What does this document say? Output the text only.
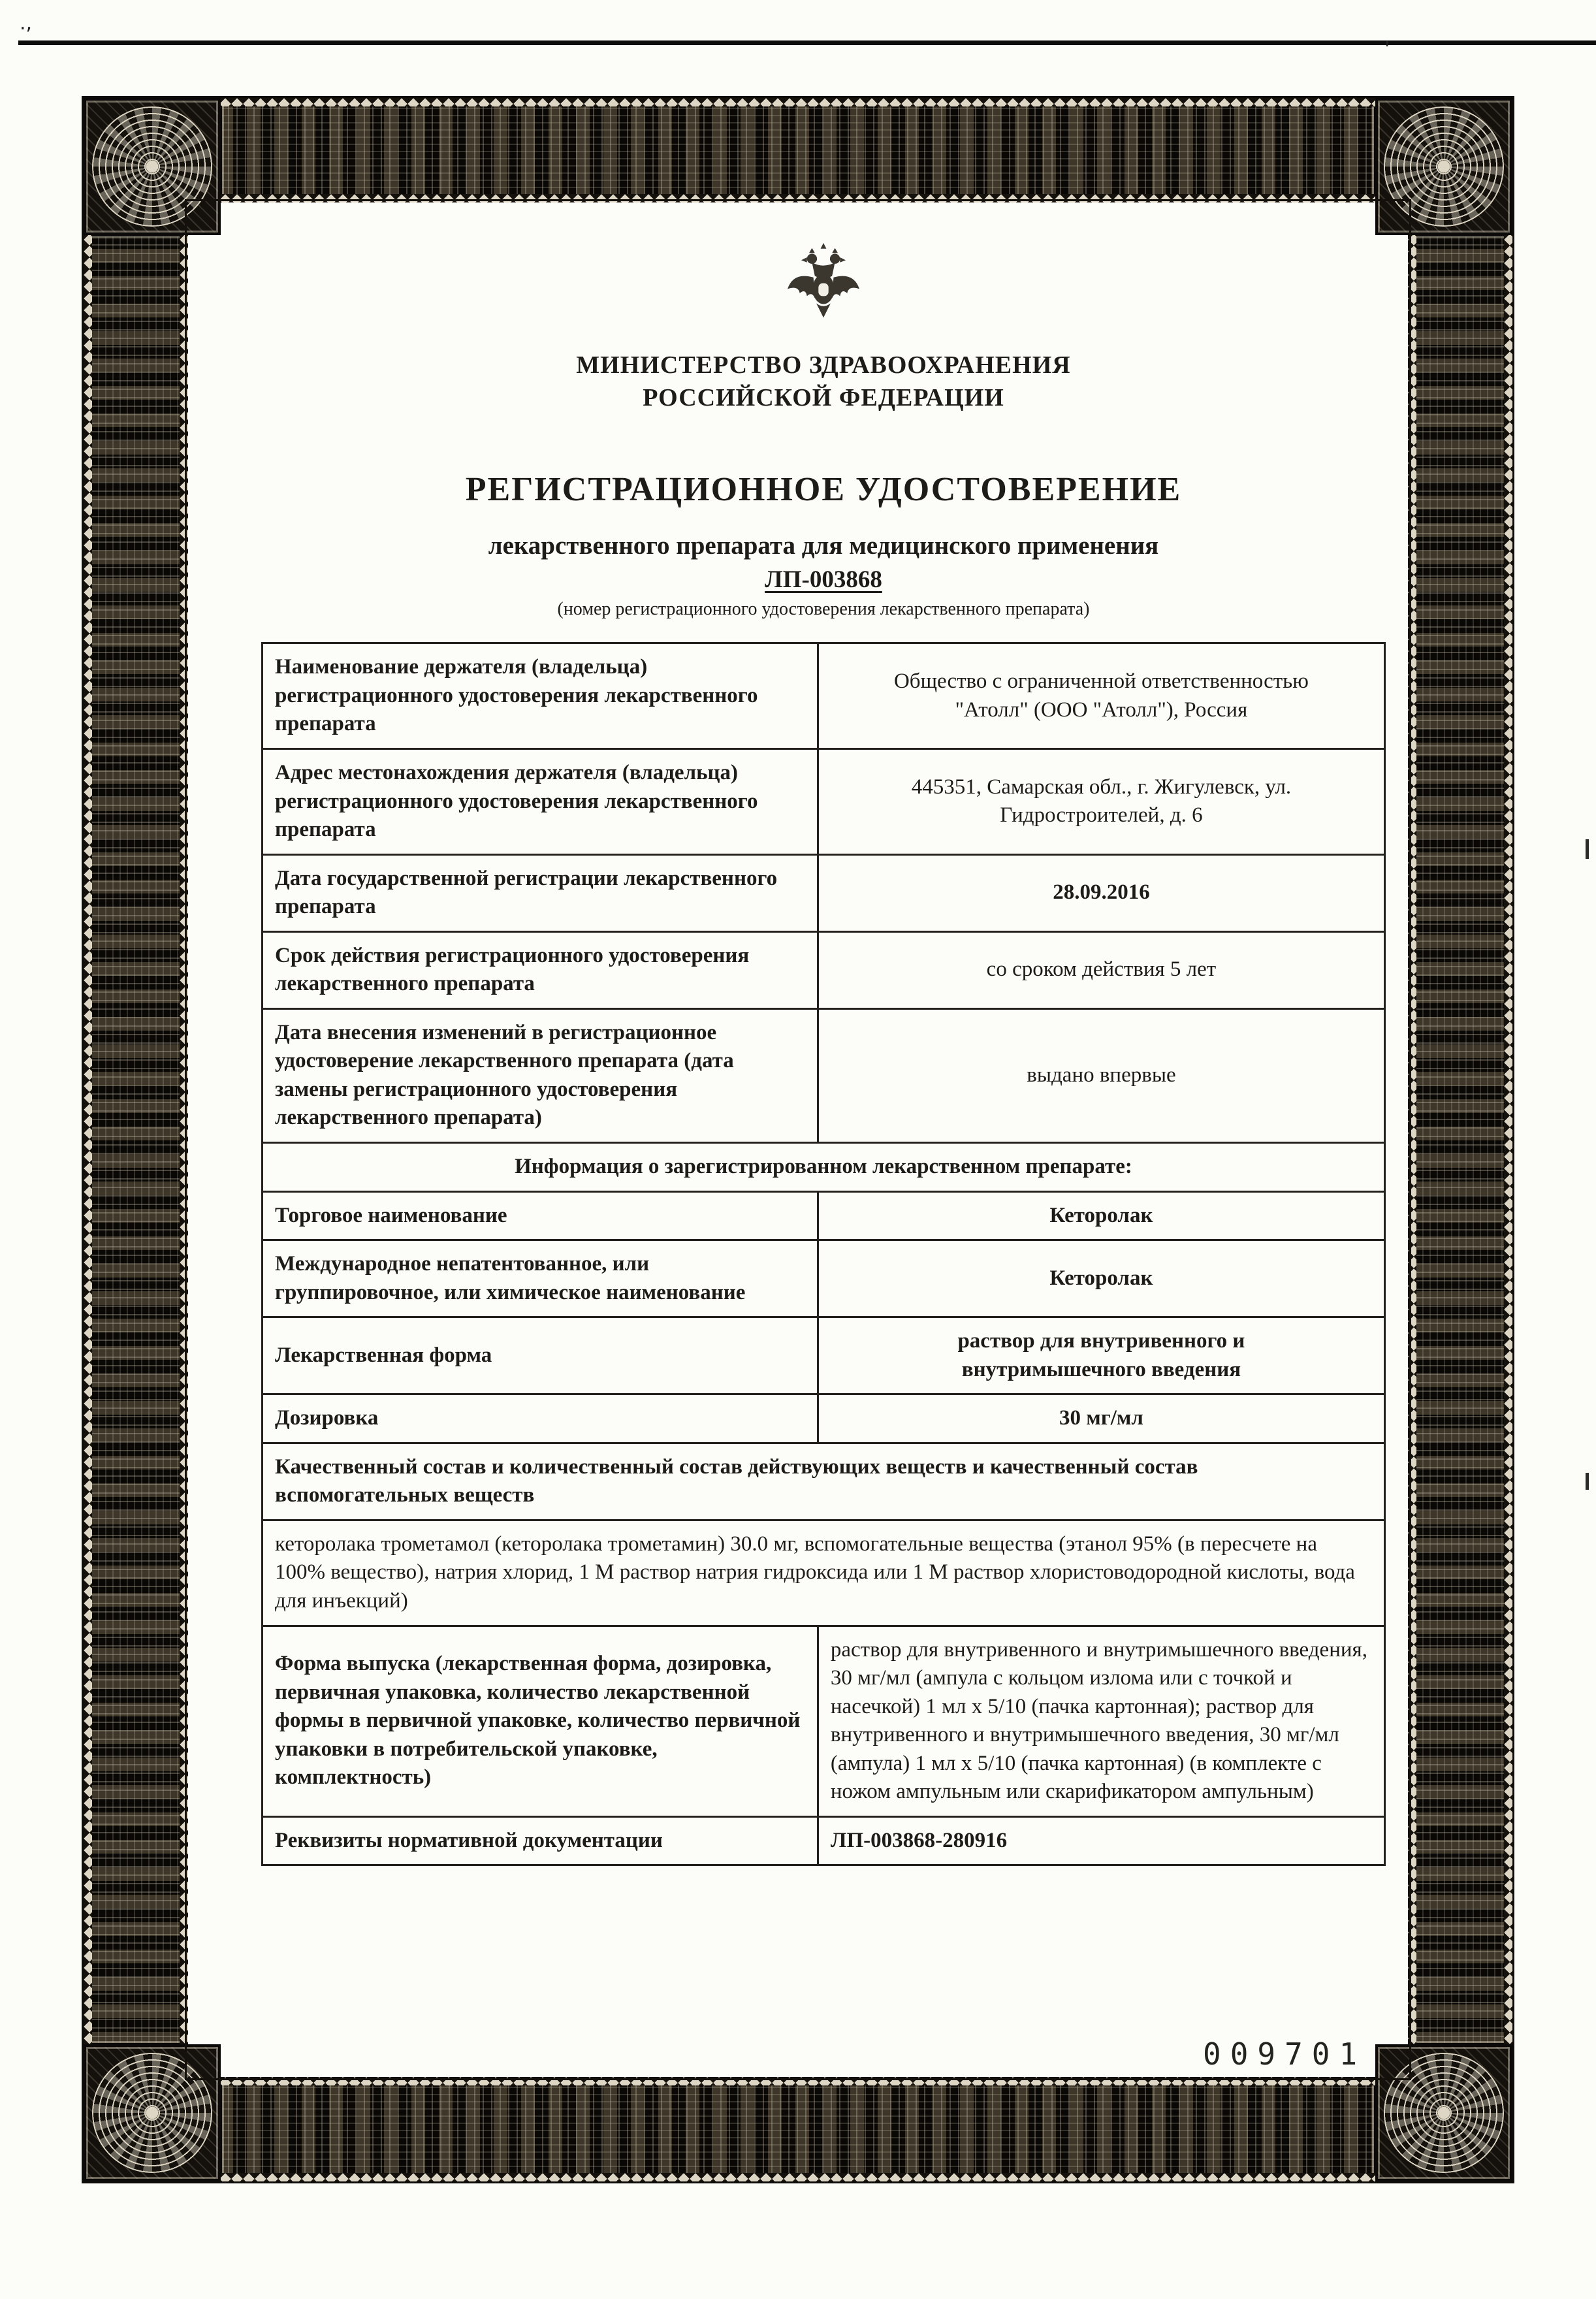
.,
'
МИНИСТЕРСТВО ЗДРАВООХРАНЕНИЯ
РОССИЙСКОЙ ФЕДЕРАЦИИ
РЕГИСТРАЦИОННОЕ УДОСТОВЕРЕНИЕ
лекарственного препарата для медицинского применения
ЛП-003868
(номер регистрационного удостоверения лекарственного препарата)
Наименование держателя (владельца) регистрационного удостоверения лекарственного препарата	Общество с ограниченной ответственностью "Атолл" (ООО "Атолл"), Россия
Адрес местонахождения держателя (владельца) регистрационного удостоверения лекарственного препарата	445351, Самарская обл., г. Жигулевск, ул. Гидростроителей, д. 6
Дата государственной регистрации лекарственного препарата	28.09.2016
Срок действия регистрационного удостоверения лекарственного препарата	со сроком действия 5 лет
Дата внесения изменений в регистрационное удостоверение лекарственного препарата (дата замены регистрационного удостоверения лекарственного препарата)	выдано впервые
Информация о зарегистрированном лекарственном препарате:	
Торговое наименование	Кеторолак
Международное непатентованное, или группировочное, или химическое наименование	Кеторолак
Лекарственная форма	раствор для внутривенного и внутримышечного введения
Дозировка	30 мг/мл
Качественный состав и количественный состав действующих веществ и качественный состав вспомогательных веществ	
кеторолака трометамол (кеторолака трометамин) 30.0 мг, вспомогательные вещества (этанол 95% (в пересчете на 100% вещество), натрия хлорид, 1 М раствор натрия гидроксида или 1 М раствор хлористоводородной кислоты, вода для инъекций)	
Форма выпуска (лекарственная форма, дозировка, первичная упаковка, количество лекарственной формы в первичной упаковке, количество первичной упаковки в потребительской упаковке, комплектность)	раствор для внутривенного и внутримышечного введения, 30 мг/мл (ампула с кольцом излома или с точкой и насечкой) 1 мл х 5/10 (пачка картонная); раствор для внутривенного и внутримышечного введения, 30 мг/мл (ампула) 1 мл х 5/10 (пачка картонная) (в комплекте с ножом ампульным или скарификатором ампульным)
Реквизиты нормативной документации	ЛП-003868-280916
009701
